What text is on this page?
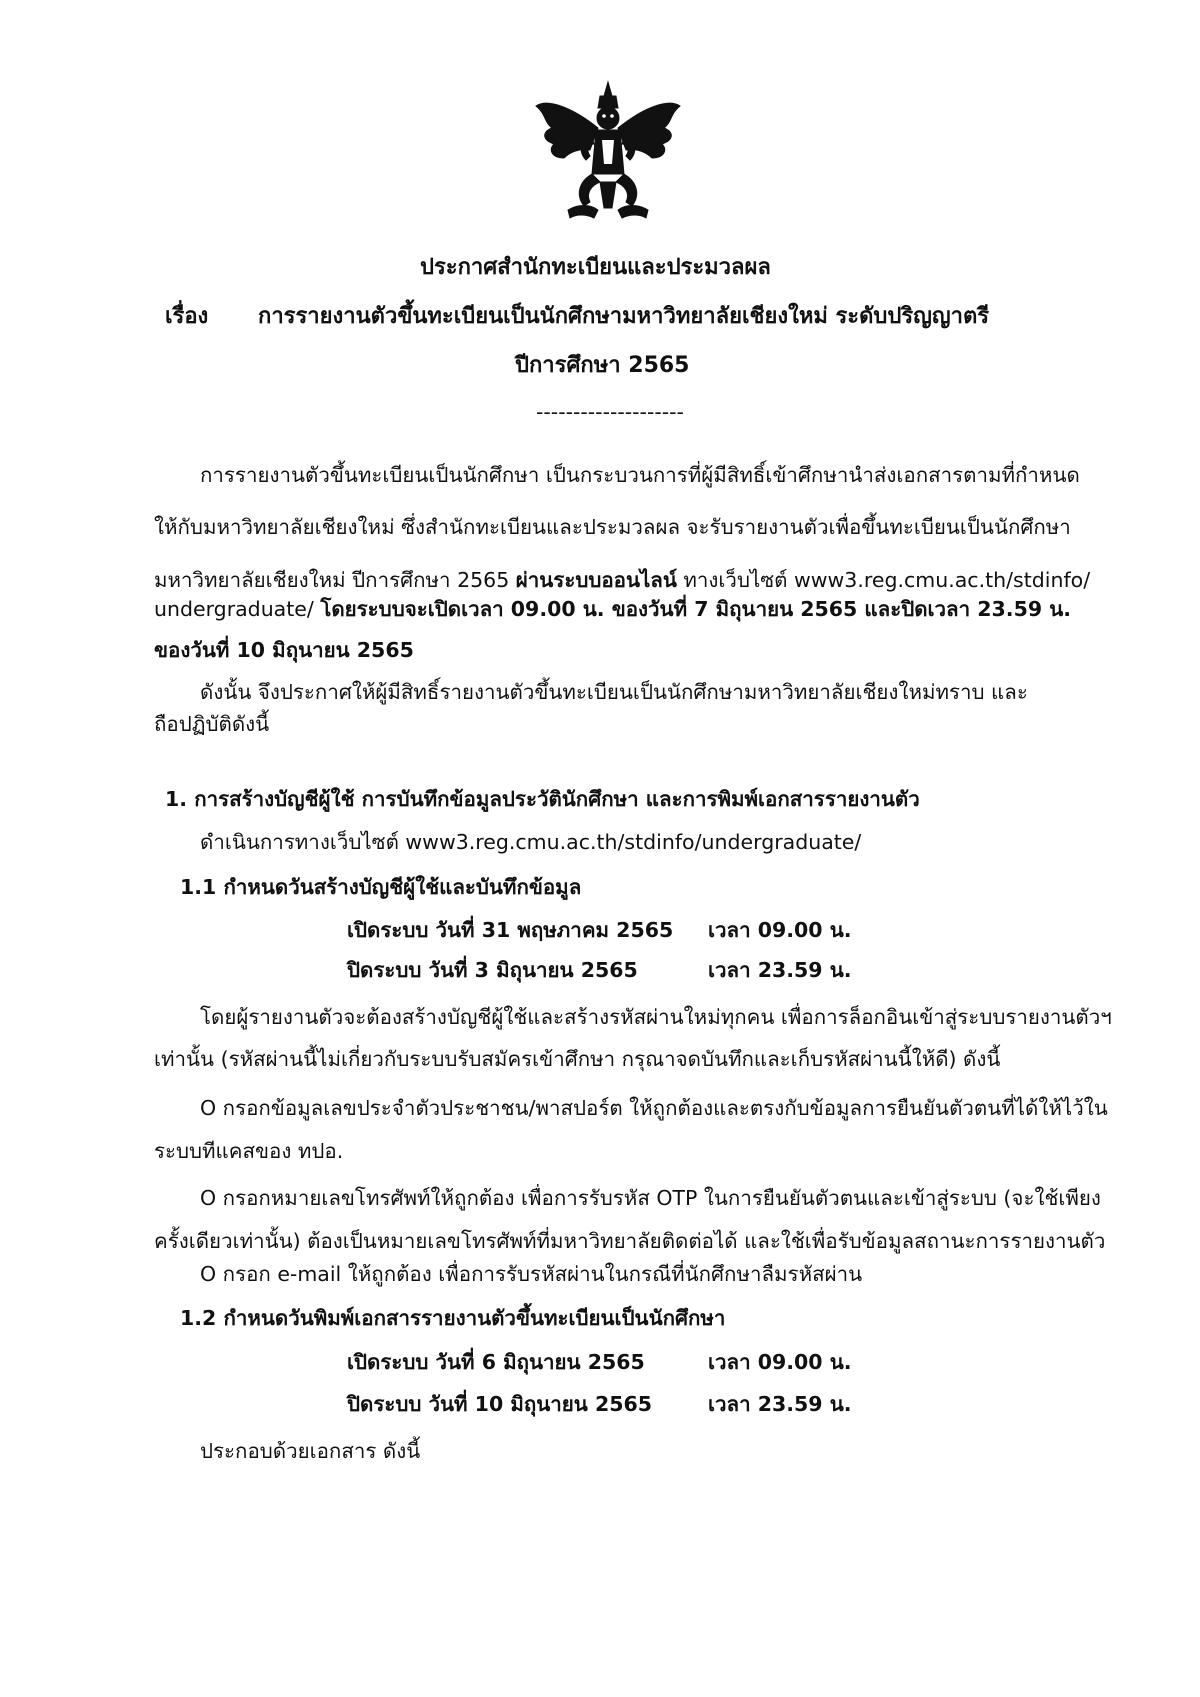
ประกาศสำนักทะเบียนและประมวลผล
เรื่อง การรายงานตัวขึ้นทะเบียนเป็นนักศึกษามหาวิทยาลัยเชียงใหม่ ระดับปริญญาตรี
ปีการศึกษา 2565
--------------------
การรายงานตัวขึ้นทะเบียนเป็นนักศึกษา เป็นกระบวนการที่ผู้มีสิทธิ์เข้าศึกษานำส่งเอกสารตามที่กำหนด
ให้กับมหาวิทยาลัยเชียงใหม่ ซึ่งสำนักทะเบียนและประมวลผล จะรับรายงานตัวเพื่อขึ้นทะเบียนเป็นนักศึกษา
มหาวิทยาลัยเชียงใหม่ ปีการศึกษา 2565 ผ่านระบบออนไลน์ ทางเว็บไซต์ www3.reg.cmu.ac.th/stdinfo/
undergraduate/ โดยระบบจะเปิดเวลา 09.00 น. ของวันที่ 7 มิถุนายน 2565 และปิดเวลา 23.59 น.
ของวันที่ 10 มิถุนายน 2565
ดังนั้น จึงประกาศให้ผู้มีสิทธิ์รายงานตัวขึ้นทะเบียนเป็นนักศึกษามหาวิทยาลัยเชียงใหม่ทราบ และ
ถือปฏิบัติดังนี้
1. การสร้างบัญชีผู้ใช้ การบันทึกข้อมูลประวัตินักศึกษา และการพิมพ์เอกสารรายงานตัว
ดำเนินการทางเว็บไซต์ www3.reg.cmu.ac.th/stdinfo/undergraduate/
1.1 กำหนดวันสร้างบัญชีผู้ใช้และบันทึกข้อมูล
เปิดระบบ วันที่ 31 พฤษภาคม 2565 เวลา 09.00 น.
ปิดระบบ วันที่ 3 มิถุนายน 2565	เวลา 23.59 น.
โดยผู้รายงานตัวจะต้องสร้างบัญชีผู้ใช้และสร้างรหัสผ่านใหม่ทุกคน เพื่อการล็อกอินเข้าสู่ระบบรายงานตัวฯ
เท่านั้น (รหัสผ่านนี้ไม่เกี่ยวกับระบบรับสมัครเข้าศึกษา กรุณาจดบันทึกและเก็บรหัสผ่านนี้ให้ดี) ดังนี้
O กรอกข้อมูลเลขประจำตัวประชาชน/พาสปอร์ต ให้ถูกต้องและตรงกับข้อมูลการยืนยันตัวตนที่ได้ให้ไว้ใน
ระบบทีแคสของ ทปอ.
O กรอกหมายเลขโทรศัพท์ให้ถูกต้อง เพื่อการรับรหัส OTP ในการยืนยันตัวตนและเข้าสู่ระบบ (จะใช้เพียง
ครั้งเดียวเท่านั้น) ต้องเป็นหมายเลขโทรศัพท์ที่มหาวิทยาลัยติดต่อได้ และใช้เพื่อรับข้อมูลสถานะการรายงานตัว
O กรอก e-mail ให้ถูกต้อง เพื่อการรับรหัสผ่านในกรณีที่นักศึกษาลืมรหัสผ่าน
1.2 กำหนดวันพิมพ์เอกสารรายงานตัวขึ้นทะเบียนเป็นนักศึกษา
เปิดระบบ วันที่ 6 มิถุนายน 2565	เวลา 09.00 น.
ปิดระบบ วันที่ 10 มิถุนายน 2565	เวลา 23.59 น.
ประกอบด้วยเอกสาร ดังนี้
